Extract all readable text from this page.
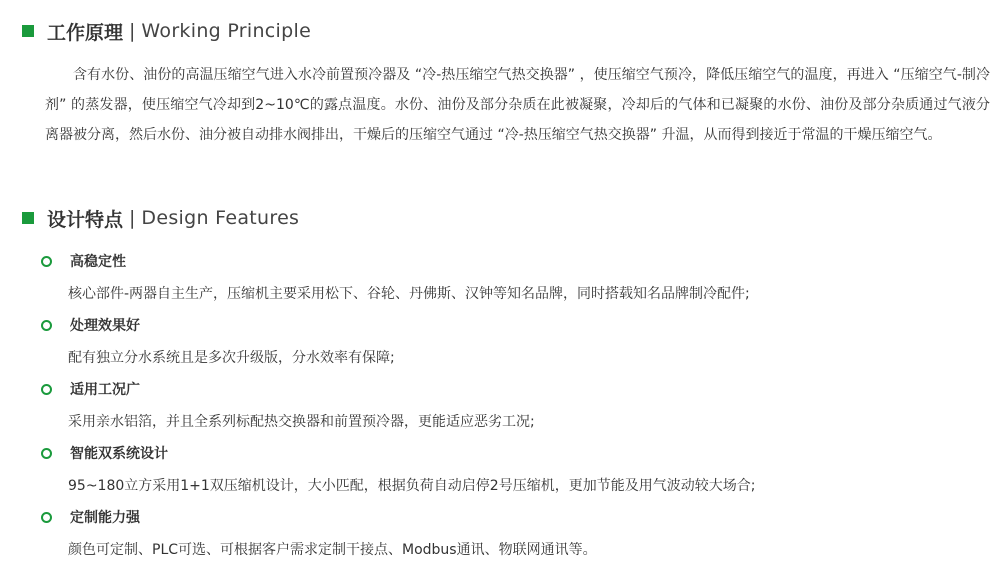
工作原理 | Working Principle

含有水份、油份的高温压缩空气进入水冷前置预冷器及 “冷-热压缩空气热交换器” ，使压缩空气预冷，降低压缩空气的温度，再进入 “压缩空气-制冷剂” 的蒸发器，使压缩空气冷却到2~10℃的露点温度。水份、油份及部分杂质在此被凝聚，冷却后的气体和已凝聚的水份、油份及部分杂质通过气液分离器被分离，然后水份、油分被自动排水阀排出，干燥后的压缩空气通过 “冷-热压缩空气热交换器” 升温，从而得到接近于常温的干燥压缩空气。

设计特点 | Design Features
高稳定性
核心部件-两器自主生产，压缩机主要采用松下、谷轮、丹佛斯、汉钟等知名品牌，同时搭载知名品牌制冷配件;
处理效果好
配有独立分水系统且是多次升级版，分水效率有保障;
适用工况广
采用亲水铝箔，并且全系列标配热交换器和前置预冷器，更能适应恶劣工况;
智能双系统设计
95~180立方采用1+1双压缩机设计，大小匹配，根据负荷自动启停2号压缩机，更加节能及用气波动较大场合;
定制能力强
颜色可定制、PLC可选、可根据客户需求定制干接点、Modbus通讯、物联网通讯等。
